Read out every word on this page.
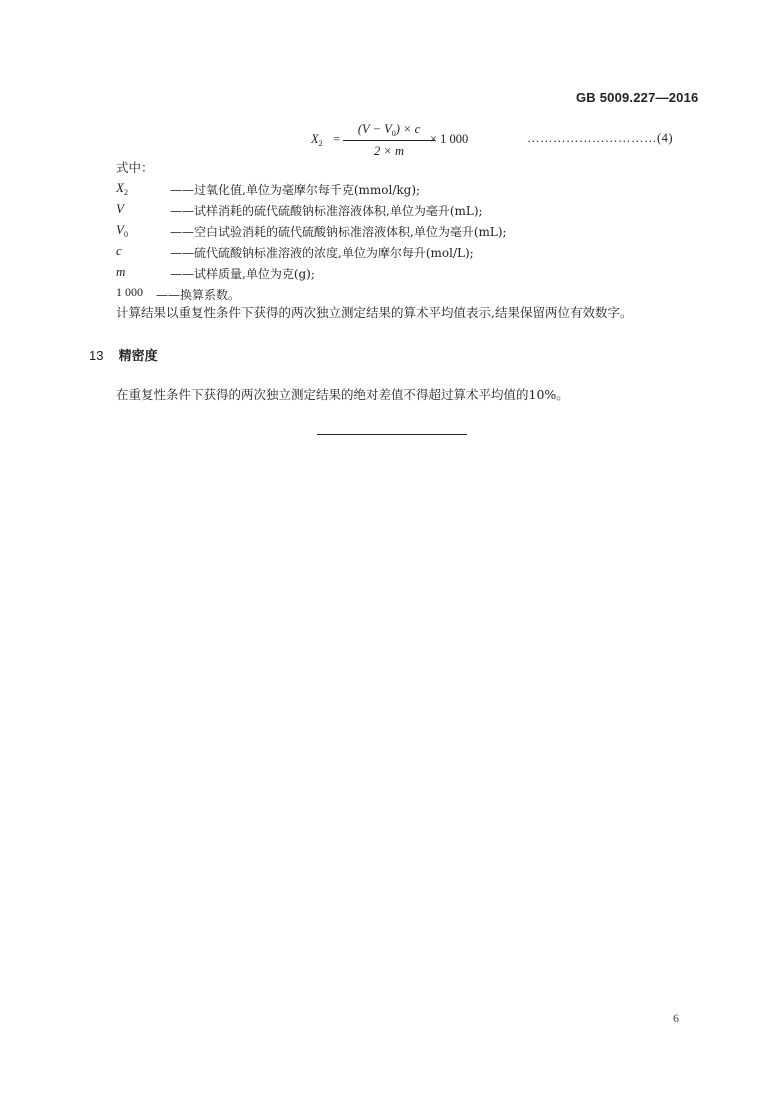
GB 5009.227—2016
$X_2$ =
$(V - V_0) \times c$
2 × m
× 1 000	…………………………(4)
式中：
$X_2$	——过氧化值,单位为毫摩尔每千克(mmol/kg);
V	——试样消耗的硫代硫酸钠标准溶液体积,单位为毫升(mL);
$V_0$	——空白试验消耗的硫代硫酸钠标准溶液体积,单位为毫升(mL);
c	——硫代硫酸钠标准溶液的浓度,单位为摩尔每升(mol/L);
m	——试样质量,单位为克(g);
1 000 ——换算系数。
计算结果以重复性条件下获得的两次独立测定结果的算术平均值表示,结果保留两位有效数字。
13 精密度
在重复性条件下获得的两次独立测定结果的绝对差值不得超过算术平均值的10%。
6
